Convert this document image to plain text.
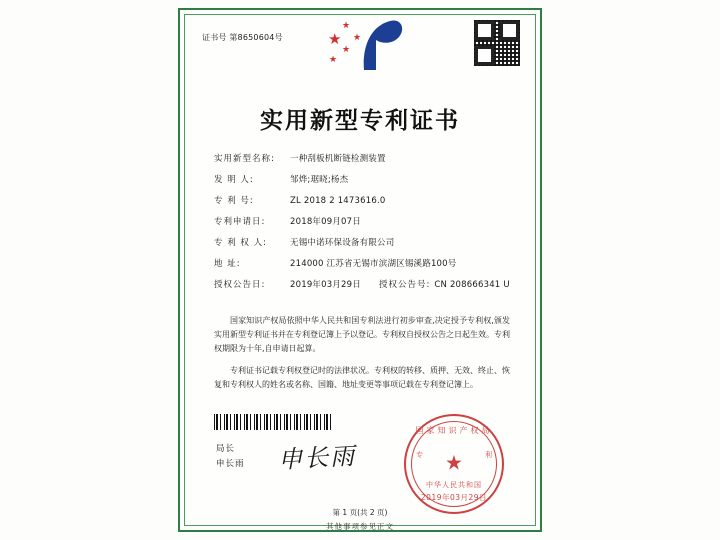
证书号 第8650604号	★
★
★
★
★
实用新型专利证书
实用新型名称:	一种刮板机断链检测装置
发 明 人:	邹烨;琚晓;杨杰
专 利 号:	ZL 2018 2 1473616.0
专利申请日:	2018年09月07日
专 利 权 人:	无锡中诺环保设备有限公司
地 址:	214000 江苏省无锡市滨湖区锡溪路100号
授权公告日:	2019年03月29日 授权公告号: CN 208666341 U

国家知识产权局依照中华人民共和国专利法进行初步审查,决定授予专利权,颁发实用新型专利证书并在专利登记簿上予以登记。专利权自授权公告之日起生效。专利权期限为十年,自申请日起算。

专利证书记载专利权登记时的法律状况。专利权的转移、质押、无效、终止、恢复和专利权人的姓名或名称、国籍、地址变更等事项记载在专利登记簿上。

局长
申长雨 申长雨
国家知识产权局
★
专	利
中华人民共和国
2019年03月29日
第 1 页(共 2 页)
其他事项参见正文
